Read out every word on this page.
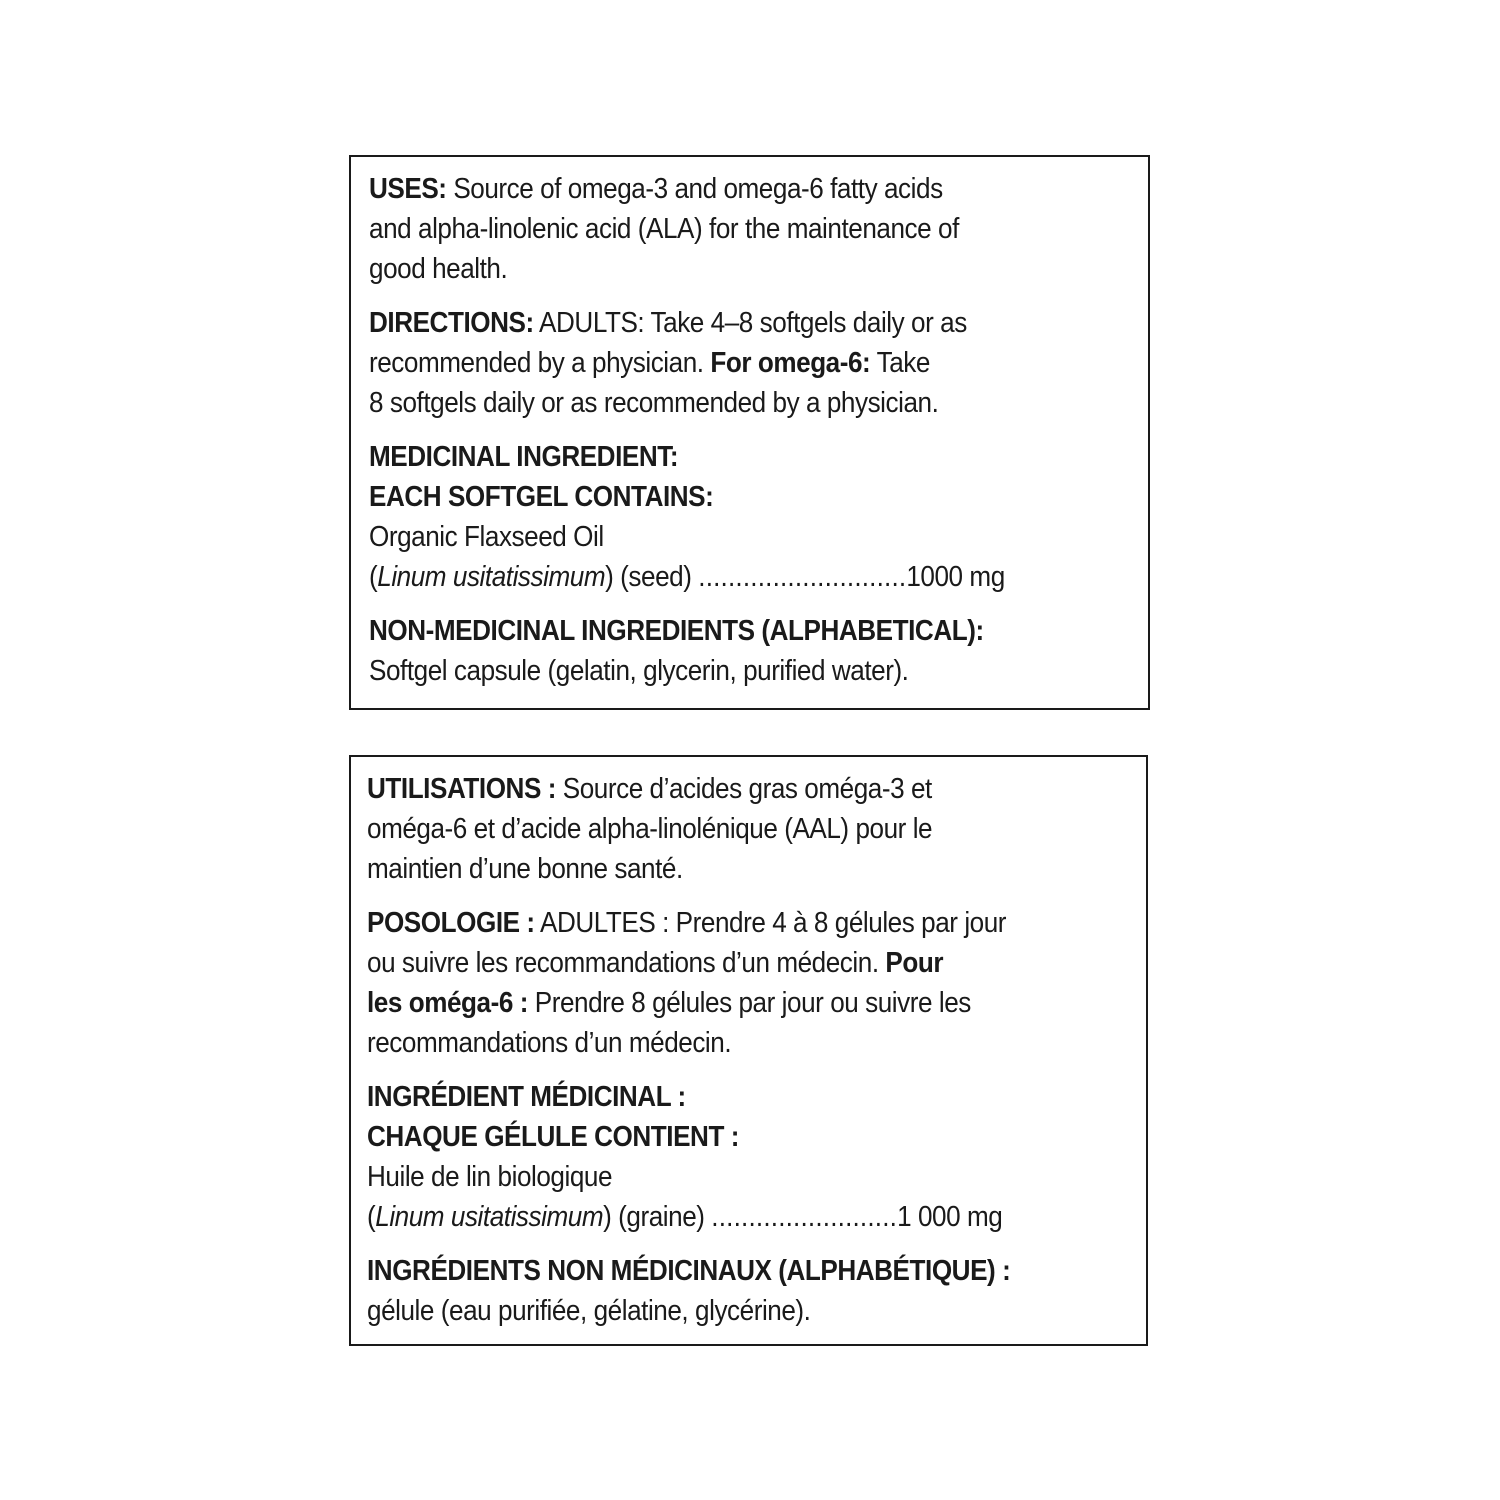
USES: Source of omega-3 and omega-6 fatty acids
and alpha-linolenic acid (ALA) for the maintenance of
good health.
DIRECTIONS: ADULTS: Take 4–8 softgels daily or as
recommended by a physician. For omega-6: Take
8 softgels daily or as recommended by a physician.
MEDICINAL INGREDIENT:
EACH SOFTGEL CONTAINS:
Organic Flaxseed Oil
(Linum usitatissimum) (seed) ............................1000 mg
NON-MEDICINAL INGREDIENTS (ALPHABETICAL):
Softgel capsule (gelatin, glycerin, purified water).
UTILISATIONS : Source d’acides gras oméga-3 et
oméga-6 et d’acide alpha-linolénique (AAL) pour le
maintien d’une bonne santé.
POSOLOGIE : ADULTES : Prendre 4 à 8 gélules par jour
ou suivre les recommandations d’un médecin. Pour
les oméga-6 : Prendre 8 gélules par jour ou suivre les
recommandations d’un médecin.
INGRÉDIENT MÉDICINAL :
CHAQUE GÉLULE CONTIENT :
Huile de lin biologique
(Linum usitatissimum) (graine) .........................1 000 mg
INGRÉDIENTS NON MÉDICINAUX (ALPHABÉTIQUE) :
gélule (eau purifiée, gélatine, glycérine).
